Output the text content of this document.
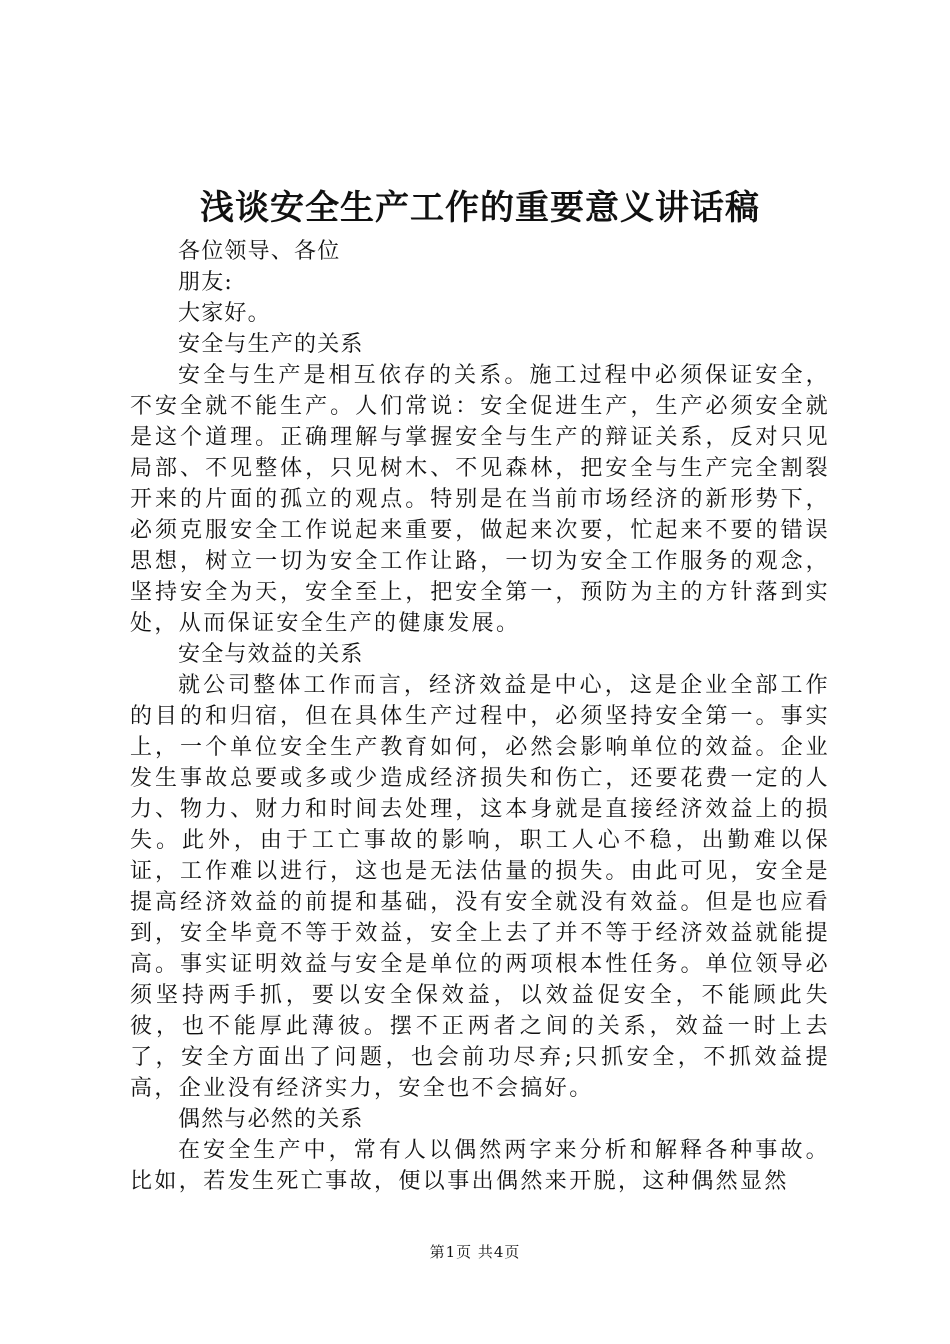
浅谈安全生产工作的重要意义讲话稿

各位领导、各位

朋友:

大家好。

安全与生产的关系

安全与生产是相互依存的关系。施工过程中必须保证安全，不安全就不能生产。人们常说：安全促进生产，生产必须安全就是这个道理。正确理解与掌握安全与生产的辩证关系，反对只见局部、不见整体，只见树木、不见森林，把安全与生产完全割裂开来的片面的孤立的观点。特别是在当前市场经济的新形势下，必须克服安全工作说起来重要，做起来次要，忙起来不要的错误思想，树立一切为安全工作让路，一切为安全工作服务的观念，坚持安全为天，安全至上，把安全第一，预防为主的方针落到实处，从而保证安全生产的健康发展。

安全与效益的关系

就公司整体工作而言，经济效益是中心，这是企业全部工作的目的和归宿，但在具体生产过程中，必须坚持安全第一。事实上，一个单位安全生产教育如何，必然会影响单位的效益。企业发生事故总要或多或少造成经济损失和伤亡，还要花费一定的人力、物力、财力和时间去处理，这本身就是直接经济效益上的损失。此外，由于工亡事故的影响，职工人心不稳，出勤难以保证，工作难以进行，这也是无法估量的损失。由此可见，安全是提高经济效益的前提和基础，没有安全就没有效益。但是也应看到，安全毕竟不等于效益，安全上去了并不等于经济效益就能提高。事实证明效益与安全是单位的两项根本性任务。单位领导必须坚持两手抓，要以安全保效益，以效益促安全，不能顾此失彼，也不能厚此薄彼。摆不正两者之间的关系，效益一时上去了，安全方面出了问题，也会前功尽弃;只抓安全，不抓效益提高，企业没有经济实力，安全也不会搞好。

偶然与必然的关系

在安全生产中，常有人以偶然两字来分析和解释各种事故。比如，若发生死亡事故，便以事出偶然来开脱，这种偶然显然

第1页 共4页
